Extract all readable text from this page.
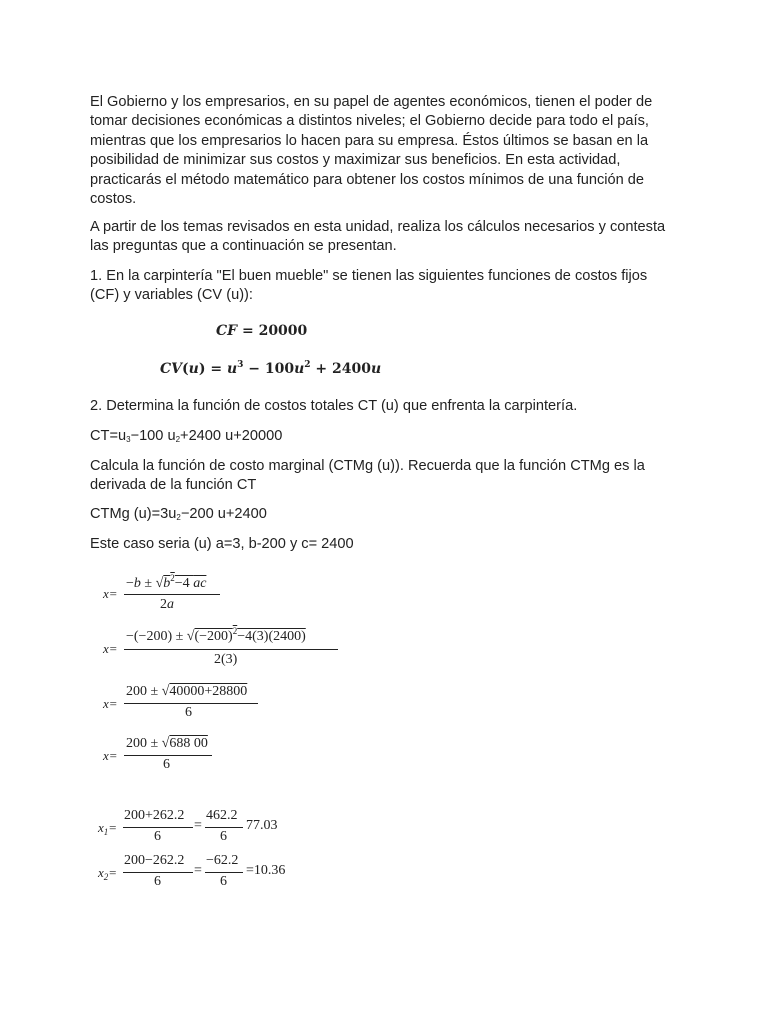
El Gobierno y los empresarios, en su papel de agentes económicos, tienen el poder de tomar decisiones económicas a distintos niveles; el Gobierno decide para todo el país, mientras que los empresarios lo hacen para su empresa. Éstos últimos se basan en la posibilidad de minimizar sus costos y maximizar sus beneficios. En esta actividad, practicarás el método matemático para obtener los costos mínimos de una función de costos.

A partir de los temas revisados en esta unidad, realiza los cálculos necesarios y contesta las preguntas que a continuación se presentan.

1. En la carpintería "El buen mueble" se tienen las siguientes funciones de costos fijos (CF) y variables (CV (u)):

CF = 20000
$CV(u) = u^3 - 100u^2 + 2400u$
2. Determina la función de costos totales CT (u) que enfrenta la carpintería.
CT=u3−100 u2+2400 u+20000

Calcula la función de costo marginal (CTMg (u)). Recuerda que la función CTMg es la derivada de la función CT

CTMg (u)=3u2−200 u+2400
Este caso seria (u) a=3, b-200 y c= 2400
x=
$-b \pm √b^2-4$ ac
2a
x=
$-(-200) \pm √(-200)^2-4(3)(2400)$
2(3)
x=
200 ± √40000+28800
6
x=
200 ± √688 00
6
$x_1=$
200+262.2
6
=
462.2
6
77.03
$x_2=$
200−262.2
6
=
−62.2
6
=10.36
